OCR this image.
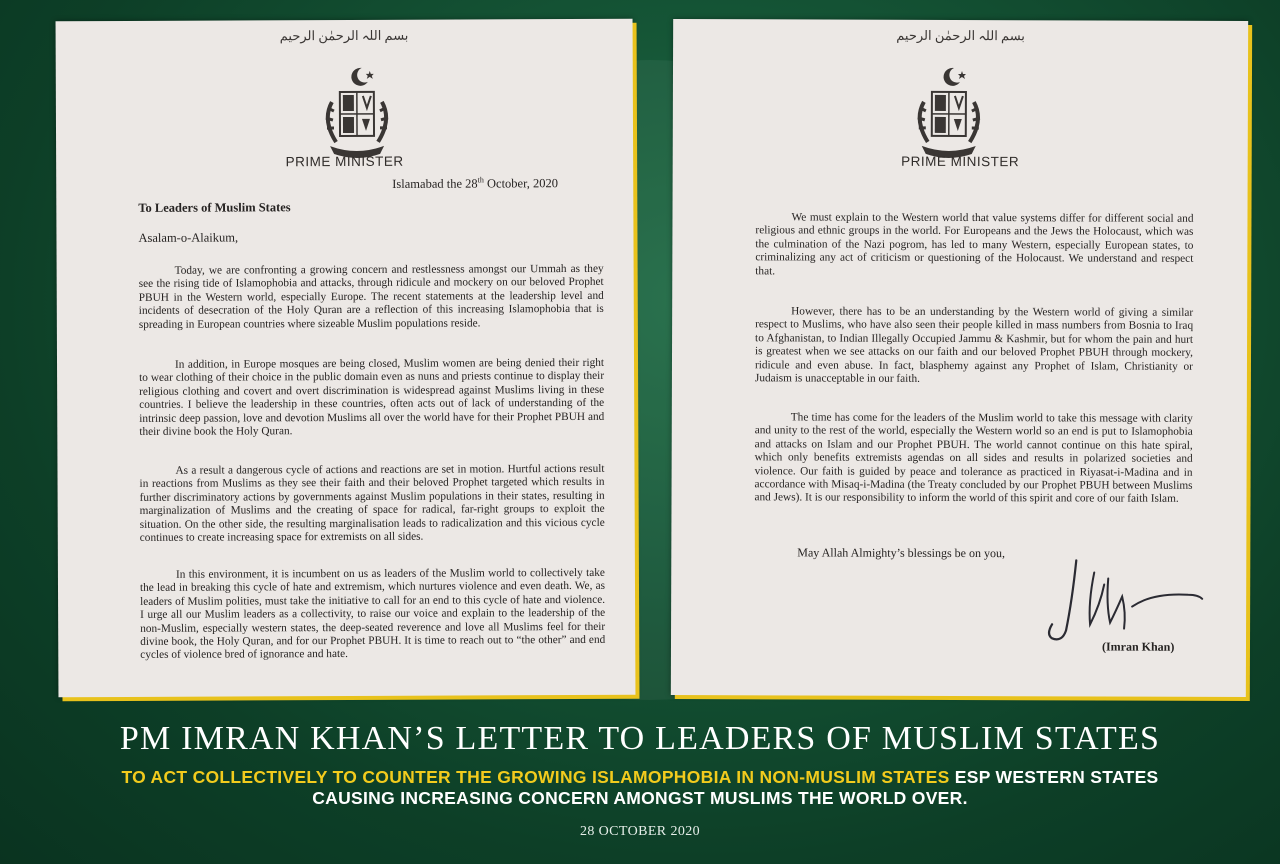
بسم اللہ الرحمٰن الرحیم
PRIME MINISTER
Islamabad the 28th October, 2020
To Leaders of Muslim States
Asalam-o-Alaikum,

Today, we are confronting a growing concern and restlessness amongst our Ummah as they see the rising tide of Islamophobia and attacks, through ridicule and mockery on our beloved Prophet PBUH in the Western world, especially Europe. The recent statements at the leadership level and incidents of desecration of the Holy Quran are a reflection of this increasing Islamophobia that is spreading in European countries where sizeable Muslim populations reside.

In addition, in Europe mosques are being closed, Muslim women are being denied their right to wear clothing of their choice in the public domain even as nuns and priests continue to display their religious clothing and covert and overt discrimination is widespread against Muslims living in these countries. I believe the leadership in these countries, often acts out of lack of understanding of the intrinsic deep passion, love and devotion Muslims all over the world have for their Prophet PBUH and their divine book the Holy Quran.

As a result a dangerous cycle of actions and reactions are set in motion. Hurtful actions result in reactions from Muslims as they see their faith and their beloved Prophet targeted which results in further discriminatory actions by governments against Muslim populations in their states, resulting in marginalization of Muslims and the creating of space for radical, far-right groups to exploit the situation. On the other side, the resulting marginalisation leads to radicalization and this vicious cycle continues to create increasing space for extremists on all sides.

In this environment, it is incumbent on us as leaders of the Muslim world to collectively take the lead in breaking this cycle of hate and extremism, which nurtures violence and even death. We, as leaders of Muslim polities, must take the initiative to call for an end to this cycle of hate and violence. I urge all our Muslim leaders as a collectivity, to raise our voice and explain to the leadership of the non-Muslim, especially western states, the deep-seated reverence and love all Muslims feel for their divine book, the Holy Quran, and for our Prophet PBUH. It is time to reach out to “the other” and end cycles of violence bred of ignorance and hate.

بسم اللہ الرحمٰن الرحیم
PRIME MINISTER

We must explain to the Western world that value systems differ for different social and religious and ethnic groups in the world. For Europeans and the Jews the Holocaust, which was the culmination of the Nazi pogrom, has led to many Western, especially European states, to criminalizing any act of criticism or questioning of the Holocaust. We understand and respect that.

However, there has to be an understanding by the Western world of giving a similar respect to Muslims, who have also seen their people killed in mass numbers from Bosnia to Iraq to Afghanistan, to Indian Illegally Occupied Jammu & Kashmir, but for whom the pain and hurt is greatest when we see attacks on our faith and our beloved Prophet PBUH through mockery, ridicule and even abuse. In fact, blasphemy against any Prophet of Islam, Christianity or Judaism is unacceptable in our faith.

The time has come for the leaders of the Muslim world to take this message with clarity and unity to the rest of the world, especially the Western world so an end is put to Islamophobia and attacks on Islam and our Prophet PBUH. The world cannot continue on this hate spiral, which only benefits extremists agendas on all sides and results in polarized societies and violence. Our faith is guided by peace and tolerance as practiced in Riyasat-i-Madina and in accordance with Misaq-i-Madina (the Treaty concluded by our Prophet PBUH between Muslims and Jews). It is our responsibility to inform the world of this spirit and core of our faith Islam.

May Allah Almighty’s blessings be on you,
(Imran Khan)
PM IMRAN KHAN’S LETTER TO LEADERS OF MUSLIM STATES
TO ACT COLLECTIVELY TO COUNTER THE GROWING ISLAMOPHOBIA IN NON-MUSLIM STATES ESP WESTERN STATES CAUSING INCREASING CONCERN AMONGST MUSLIMS THE WORLD OVER.
28 OCTOBER 2020
